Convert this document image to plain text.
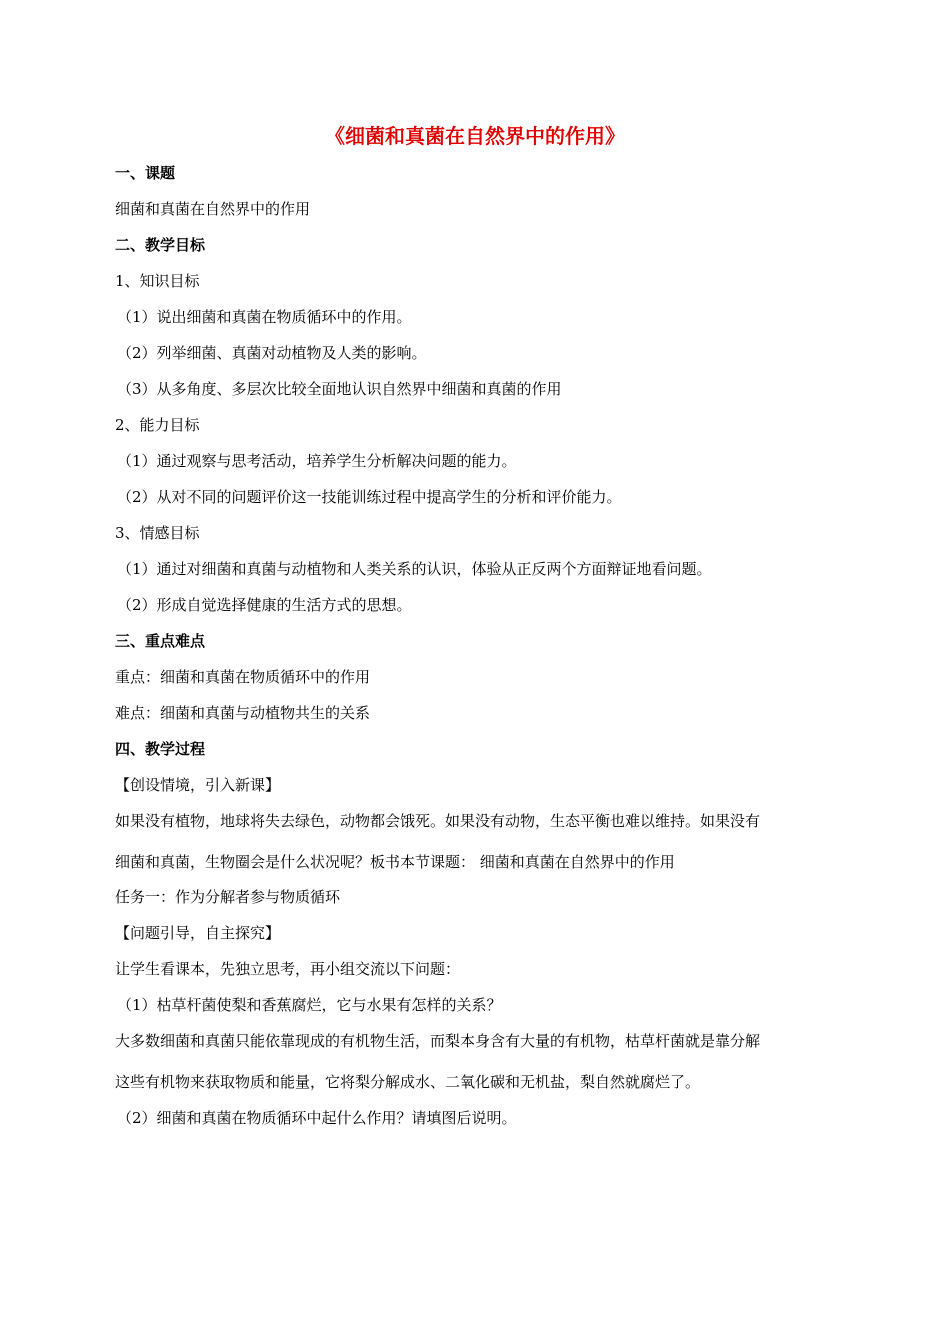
《细菌和真菌在自然界中的作用》
一、课题
细菌和真菌在自然界中的作用
二、教学目标
1、知识目标
（1）说出细菌和真菌在物质循环中的作用。
（2）列举细菌、真菌对动植物及人类的影响。
（3）从多角度、多层次比较全面地认识自然界中细菌和真菌的作用
2、能力目标
（1）通过观察与思考活动，培养学生分析解决问题的能力。
（2）从对不同的问题评价这一技能训练过程中提高学生的分析和评价能力。
3、情感目标
（1）通过对细菌和真菌与动植物和人类关系的认识，体验从正反两个方面辩证地看问题。
（2）形成自觉选择健康的生活方式的思想。
三、重点难点
重点：细菌和真菌在物质循环中的作用
难点：细菌和真菌与动植物共生的关系
四、教学过程
【创设情境，引入新课】
如果没有植物，地球将失去绿色，动物都会饿死。如果没有动物，生态平衡也难以维持。如果没有
细菌和真菌，生物圈会是什么状况呢？板书本节课题： 细菌和真菌在自然界中的作用
任务一：作为分解者参与物质循环
【问题引导，自主探究】
让学生看课本，先独立思考，再小组交流以下问题：
（1）枯草杆菌使梨和香蕉腐烂，它与水果有怎样的关系？
大多数细菌和真菌只能依靠现成的有机物生活，而梨本身含有大量的有机物，枯草杆菌就是靠分解
这些有机物来获取物质和能量，它将梨分解成水、二氧化碳和无机盐，梨自然就腐烂了。
（2）细菌和真菌在物质循环中起什么作用？请填图后说明。
